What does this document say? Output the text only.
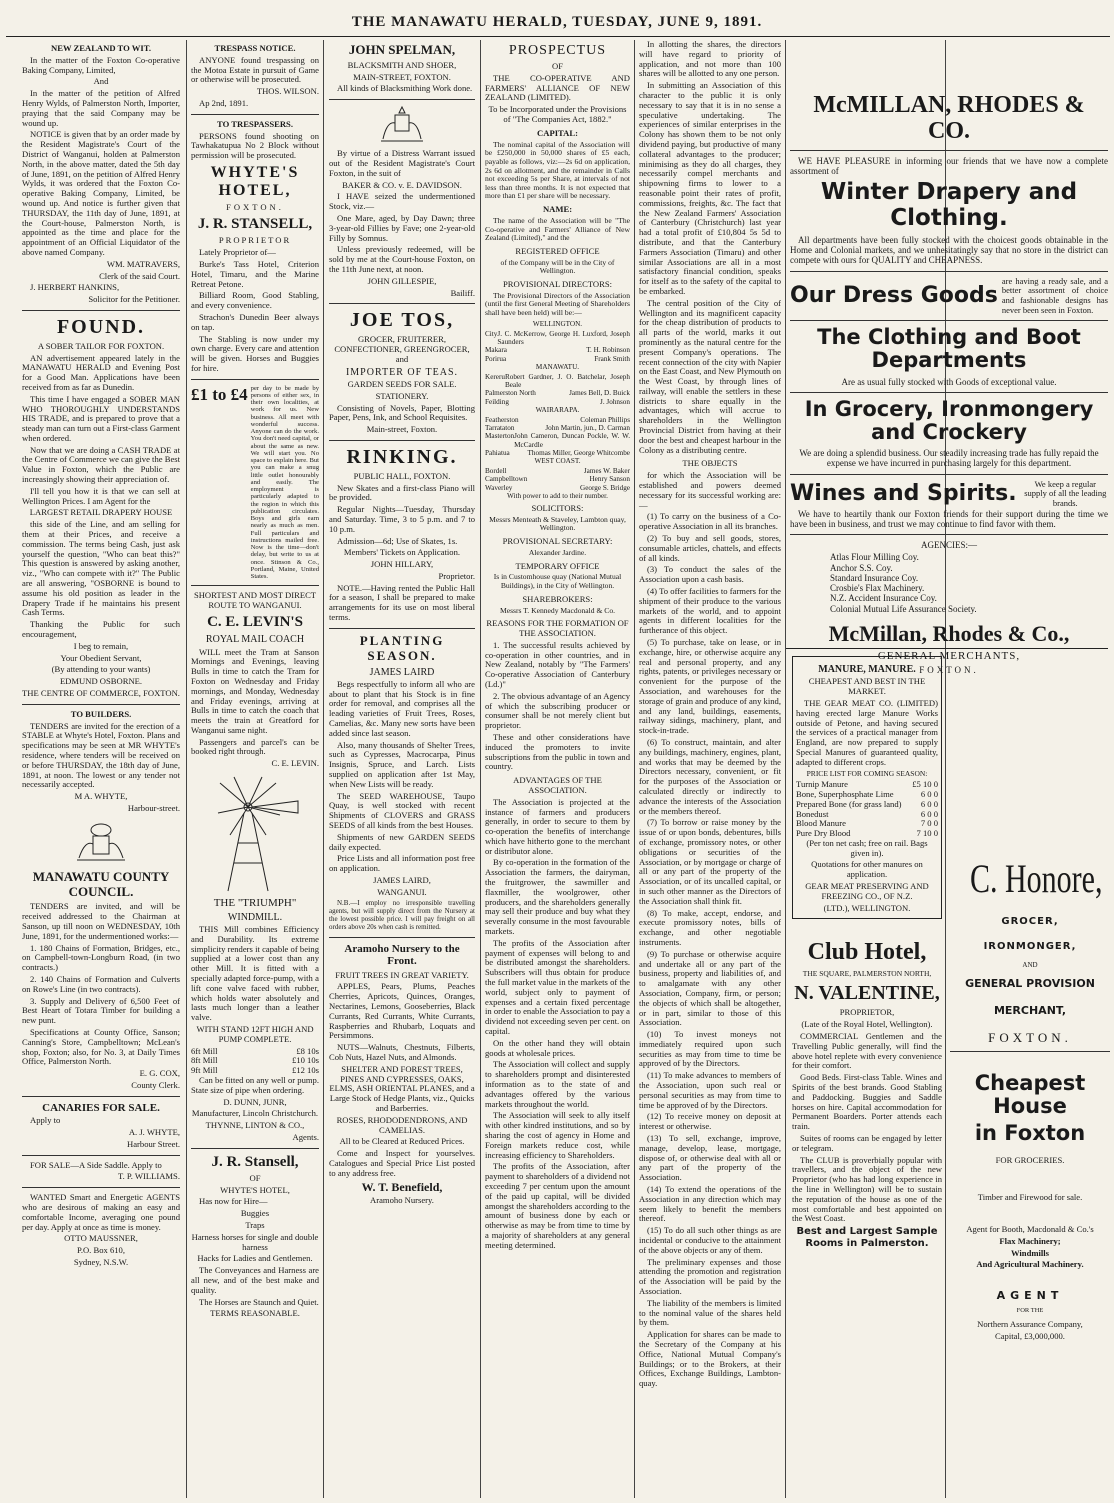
THE MANAWATU HERALD, TUESDAY, JUNE 9, 1891.
NEW ZEALAND TO WIT.

In the matter of the Foxton Co-operative Baking Company, Limited,

And

In the matter of the petition of Alfred Henry Wylds, of Palmerston North, Importer, praying that the said Company may be wound up.

NOTICE is given that by an order made by the Resident Magistrate's Court of the District of Wanganui, holden at Palmerston North, in the above matter, dated the 5th day of June, 1891, on the petition of Alfred Henry Wylds, it was ordered that the Foxton Co-operative Baking Company, Limited, be wound up. And notice is further given that THURSDAY, the 11th day of June, 1891, at the Court-house, Palmerston North, is appointed as the time and place for the appointment of an Official Liquidator of the above named Company.

WM. MATRAVERS,

Clerk of the said Court.

J. HERBERT HANKINS,

Solicitor for the Petitioner.

FOUND.

A SOBER TAILOR FOR FOXTON.

AN advertisement appeared lately in the MANAWATU HERALD and Evening Post for a Good Man. Applications have been received from as far as Dunedin.

This time I have engaged a SOBER MAN WHO THOROUGHLY UNDERSTANDS HIS TRADE, and is prepared to prove that a steady man can turn out a First-class Garment when ordered.

Now that we are doing a CASH TRADE at the Centre of Commerce we can give the Best Value in Foxton, which the Public are increasingly showing their appreciation of.

I'll tell you how it is that we can sell at Wellington Prices. I am Agent for the

LARGEST RETAIL DRAPERY HOUSE

this side of the Line, and am selling for them at their Prices, and receive a commission. The terms being Cash, just ask yourself the question, "Who can beat this?" This question is answered by asking another, viz., "Who can compete with it?" The Public are all answering, "OSBORNE is bound to assume his old position as leader in the Drapery Trade if he maintains his present Cash Terms.

Thanking the Public for such encouragement,

I beg to remain,

Your Obedient Servant,

(By attending to your wants)

EDMUND OSBORNE.

THE CENTRE OF COMMERCE, FOXTON.

TO BUILDERS.

TENDERS are invited for the erection of a STABLE at Whyte's Hotel, Foxton. Plans and specifications may be seen at MR WHYTE's residence, where tenders will be received on or before THURSDAY, the 18th day of June, 1891, at noon. The lowest or any tender not necessarily accepted.

M A. WHYTE,

Harbour-street.

MANAWATU COUNTY COUNCIL.

TENDERS are invited, and will be received addressed to the Chairman at Sanson, up till noon on WEDNESDAY, 10th June, 1891, for the undermentioned works:—

1. 180 Chains of Formation, Bridges, etc., on Campbell-town-Longburn Road, (in two contracts.)

2. 140 Chains of Formation and Culverts on Rowe's Line (in two contracts).

3. Supply and Delivery of 6,500 Feet of Best Heart of Totara Timber for building a new punt.

Specifications at County Office, Sanson; Canning's Store, Campbelltown; McLean's shop, Foxton; also, for No. 3, at Daily Times Office, Palmerston North.

E. G. COX,

County Clerk.

CANARIES FOR SALE.

Apply to

A. J. WHYTE,

Harbour Street.

FOR SALE—A Side Saddle. Apply to

T. P. WILLIAMS.

WANTED Smart and Energetic AGENTS who are desirous of making an easy and comfortable Income, averaging one pound per day. Apply at once as time is money.

OTTO MAUSSNER,

P.O. Box 610,

Sydney, N.S.W.

TRESPASS NOTICE.

ANYONE found trespassing on the Motoa Estate in pursuit of Game or otherwise will be prosecuted.

THOS. WILSON.

Ap 2nd, 1891.

TO TRESPASSERS.

PERSONS found shooting on Tawhakatupua No 2 Block without permission will be prosecuted.

WHYTE'S HOTEL,

FOXTON.

J. R. STANSELL,

PROPRIETOR

Lately Proprietor of—

Burke's Tass Hotel, Criterion Hotel, Timaru, and the Marine Retreat Petone.

Billiard Room, Good Stabling, and every convenience.

Strachon's Dunedin Beer always on tap.

The Stabling is now under my own charge. Every care and attention will be given. Horses and Buggies for hire.

£1 to £4 per day to be made by persons of either sex, in their own localities, at work for us. New business. All meet with wonderful success. Anyone can do the work. You don't need capital, or about the same as new. We will start you. No space to explain here. But you can make a snug little outlet honourably and easily. The employment is particularly adapted to the region in which this publication circulates. Boys and girls earn nearly as much as men. Full particulars and instructions mailed free. Now is the time—don't delay, but write to us at once. Stinson & Co., Portland, Maine, United States.

SHORTEST AND MOST DIRECT ROUTE TO WANGANUI.

C. E. LEVIN'S

ROYAL MAIL COACH

WILL meet the Tram at Sanson Mornings and Evenings, leaving Bulls in time to catch the Tram for Foxton on Wednesday and Friday mornings, and Monday, Wednesday and Friday evenings, arriving at Bulls in time to catch the coach that meets the train at Greatford for Wanganui same night.

Passengers and parcel's can be booked right through.

C. E. LEVIN.

THE "TRIUMPH"

WINDMILL.

THIS Mill combines Efficiency and Durability. Its extreme simplicity renders it capable of being supplied at a lower cost than any other Mill. It is fitted with a specially adapted force-pump, with a lift cone valve faced with rubber, which holds water absolutely and lasts much longer than a leather valve.

WITH STAND 12FT HIGH AND PUMP COMPLETE.

6ft Mill	£8 10s
8ft Mill	£10 10s
9ft Mill	£12 10s

Can be fitted on any well or pump. State size of pipe when ordering.

D. DUNN, JUNR,

Manufacturer, Lincoln Christchurch.

THYNNE, LINTON & CO.,

Agents.

J. R. Stansell,

OF

WHYTE'S HOTEL,

Has now for Hire—

Buggies

Traps

Harness horses for single and double harness

Hacks for Ladies and Gentlemen.

The Conveyances and Harness are all new, and of the best make and quality.

The Horses are Staunch and Quiet.

TERMS REASONABLE.

JOHN SPELMAN,

BLACKSMITH AND SHOER,

MAIN-STREET, FOXTON.

All kinds of Blacksmithing Work done.

By virtue of a Distress Warrant issued out of the Resident Magistrate's Court Foxton, in the suit of

BAKER & CO. v. E. DAVIDSON.

I HAVE seized the undermentioned Stock, viz.—

One Mare, aged, by Day Dawn; three 3-year-old Fillies by Fave; one 2-year-old Filly by Somnus.

Unless previously redeemed, will be sold by me at the Court-house Foxton, on the 11th June next, at noon.

JOHN GILLESPIE,

Bailiff.

JOE TOS,

GROCER, FRUITERER, CONFECTIONER, GREENGROCER, and

IMPORTER OF TEAS.

GARDEN SEEDS FOR SALE.

STATIONERY.

Consisting of Novels, Paper, Blotting Paper, Pens, Ink, and School Requisites.

Main-street, Foxton.

RINKING.

PUBLIC HALL, FOXTON.

New Skates and a first-class Piano will be provided.

Regular Nights—Tuesday, Thursday and Saturday. Time, 3 to 5 p.m. and 7 to 10 p.m.

Admission—6d; Use of Skates, 1s.

Members' Tickets on Application.

JOHN HILLARY,

Proprietor.

NOTE.—Having rented the Public Hall for a season, I shall be prepared to make arrangements for its use on most liberal terms.

PLANTING SEASON.

JAMES LAIRD

Begs respectfully to inform all who are about to plant that his Stock is in fine order for removal, and comprises all the leading varieties of Fruit Trees, Roses, Camelias, &c. Many new sorts have been added since last season.

Also, many thousands of Shelter Trees, such as Cypresses, Macrocarpa, Pinus Insignis, Spruce, and Larch. Lists supplied on application after 1st May, when New Lists will be ready.

The SEED WAREHOUSE, Taupo Quay, is well stocked with recent Shipments of CLOVERS and GRASS SEEDS of all kinds from the best Houses.

Shipments of new GARDEN SEEDS daily expected.

Price Lists and all information post free on application.

JAMES LAIRD,

WANGANUI.

N.B.—I employ no irresponsible travelling agents, but will supply direct from the Nursery at the lowest possible price. I will pay freight on all orders above 20s when cash is remitted.

Aramoho Nursery to the Front.

FRUIT TREES IN GREAT VARIETY.

APPLES, Pears, Plums, Peaches Cherries, Apricots, Quinces, Oranges, Nectarines, Lemons, Gooseberries, Black Currants, Red Currants, White Currants, Raspberries and Rhubarb, Loquats and Persimmons.

NUTS—Walnuts, Chestnuts, Filberts, Cob Nuts, Hazel Nuts, and Almonds.

SHELTER AND FOREST TREES, PINES AND CYPRESSES, OAKS, ELMS, ASH ORIENTAL PLANES, and a Large Stock of Hedge Plants, viz., Quicks and Barberries.

ROSES, RHODODENDRONS, AND CAMELIAS.

All to be Cleared at Reduced Prices.

Come and Inspect for yourselves. Catalogues and Special Price List posted to any address free.

W. T. Benefield,

Aramoho Nursery.

PROSPECTUS

OF

THE CO-OPERATIVE AND FARMERS' ALLIANCE OF NEW ZEALAND (LIMITED).

To be Incorporated under the Provisions of "The Companies Act, 1882."

CAPITAL:

The nominal capital of the Association will be £250,000 in 50,000 shares of £5 each, payable as follows, viz:—2s 6d on application, 2s 6d on allotment, and the remainder in Calls not exceeding 5s per Share, at intervals of not less than three months. It is not expected that more than £1 per share will be necessary.

NAME:

The name of the Association will be "The Co-operative and Farmers' Alliance of New Zealand (Limited)," and the

REGISTERED OFFICE

of the Company will be in the City of Wellington.

PROVISIONAL DIRECTORS:

The Provisional Directors of the Association (until the first General Meeting of Shareholders shall have been held) will be:—

WELLINGTON.

City J. C. McKerrow, George H. Luxford, Joseph Saunders
Makara	T. H. Robinson
Porirua	Frank Smith

MANAWATU.

Kereru Robert Gardner, J. O. Batchelar, Joseph Beale
Palmerston North	James Bell, D. Buick
Feilding	J. Johnson

WAIRARAPA.

Featherston	Coleman Phillips
Tarrataton	John Martin, jun., D. Carman
Masterton John Cameron, Duncan Pockle, W. W. McCardle
Pahiatua Thomas Miller, George Whitcombe

WEST COAST.

Bordell	James W. Baker
Campbelltown	Henry Sanson
Waverley	George S. Bridge

With power to add to their number.

SOLICITORS:

Messrs Menteath & Staveley, Lambton quay, Wellington.

PROVISIONAL SECRETARY:

Alexander Jardine.

TEMPORARY OFFICE

Is in Customhouse quay (National Mutual Buildings), in the City of Wellington.

SHAREBROKERS:

Messrs T. Kennedy Macdonald & Co.

REASONS FOR THE FORMATION OF THE ASSOCIATION.

1. The successful results achieved by co-operation in other countries, and in New Zealand, notably by "The Farmers' Co-operative Association of Canterbury (Ld.)"

2. The obvious advantage of an Agency of which the subscribing producer or consumer shall be not merely client but proprietor.

These and other considerations have induced the promoters to invite subscriptions from the public in town and country.

ADVANTAGES OF THE ASSOCIATION.

The Association is projected at the instance of farmers and producers generally, in order to secure to them by co-operation the benefits of interchange which have hitherto gone to the merchant or distributor alone.

By co-operation in the formation of the Association the farmers, the dairyman, the fruitgrower, the sawmiller and flaxmiller, the woolgrower, other producers, and the shareholders generally may sell their produce and buy what they severally consume in the most favourable markets.

The profits of the Association after payment of expenses will belong to and be distributed amongst the shareholders. Subscribers will thus obtain for produce the full market value in the markets of the world, subject only to payment of expenses and a certain fixed percentage in order to enable the Association to pay a dividend not exceeding seven per cent. on capital.

On the other hand they will obtain goods at wholesale prices.

The Association will collect and supply to shareholders prompt and disinterested information as to the state of and advantages offered by the various markets throughout the world.

The Association will seek to ally itself with other kindred institutions, and so by sharing the cost of agency in Home and Foreign markets reduce cost, while increasing efficiency to Shareholders.

The profits of the Association, after payment to shareholders of a dividend not exceeding 7 per centum upon the amount of the paid up capital, will be divided amongst the shareholders according to the amount of business done by each or otherwise as may be from time to time by a majority of shareholders at any general meeting determined.

In allotting the shares, the directors will have regard to priority of application, and not more than 100 shares will be allotted to any one person.

In submitting an Association of this character to the public it is only necessary to say that it is in no sense a speculative undertaking. The experiences of similar enterprises in the Colony has shown them to be not only dividend paying, but productive of many collateral advantages to the producer; minimising as they do all charges, they necessarily compel merchants and shipowning firms to lower to a reasonable point their rates of profit, commissions, freights, &c. The fact that the New Zealand Farmers' Association of Canterbury (Christchurch) last year had a total profit of £10,804 5s 5d to distribute, and that the Canterbury Farmers Association (Timaru) and other similar Associations are all in a most satisfactory financial condition, speaks for itself as to the safety of the capital to be embarked.

The central position of the City of Wellington and its magnificent capacity for the cheap distribution of products to all parts of the world, marks it out prominently as the natural centre for the present Company's operations. The recent connection of the city with Napier on the East Coast, and New Plymouth on the West Coast, by through lines of railway, will enable the settlers in these districts to share equally in the advantages, which will accrue to shareholders in the Wellington Provincial District from having at their door the best and cheapest harbour in the Colony as a distributing centre.

THE OBJECTS

for which the Association will be established and powers deemed necessary for its successful working are:—

(1) To carry on the business of a Co-operative Association in all its branches.

(2) To buy and sell goods, stores, consumable articles, chattels, and effects of all kinds.

(3) To conduct the sales of the Association upon a cash basis.

(4) To offer facilities to farmers for the shipment of their produce to the various markets of the world, and to appoint agents in different localities for the furtherance of this object.

(5) To purchase, take on lease, or in exchange, hire, or otherwise acquire any real and personal property, and any rights, patents, or privileges necessary or convenient for the purpose of the Association, and warehouses for the storage of grain and produce of any kind, and any land, buildings, easements, railway sidings, machinery, plant, and stock-in-trade.

(6) To construct, maintain, and alter any buildings, machinery, engines, plant, and works that may be deemed by the Directors necessary, convenient, or fit for the purposes of the Association or calculated directly or indirectly to advance the interests of the Association or the members thereof.

(7) To borrow or raise money by the issue of or upon bonds, debentures, bills of exchange, promissory notes, or other obligations or securities of the Association, or by mortgage or charge of all or any part of the property of the Association, or of its uncalled capital, or in such other manner as the Directors of the Association shall think fit.

(8) To make, accept, endorse, and execute promissory notes, bills of exchange, and other negotiable instruments.

(9) To purchase or otherwise acquire and undertake all or any part of the business, property and liabilities of, and to amalgamate with any other Association, Company, firm, or person; the objects of which shall be altogether, or in part, similar to those of this Association.

(10) To invest moneys not immediately required upon such securities as may from time to time be approved of by the Directors.

(11) To make advances to members of the Association, upon such real or personal securities as may from time to time be approved of by the Directors.

(12) To receive money on deposit at interest or otherwise.

(13) To sell, exchange, improve, manage, develop, lease, mortgage, dispose of, or otherwise deal with all or any part of the property of the Association.

(14) To extend the operations of the Association in any direction which may seem likely to benefit the members thereof.

(15) To do all such other things as are incidental or conducive to the attainment of the above objects or any of them.

The preliminary expenses and those attending the promotion and registration of the Association will be paid by the Association.

The liability of the members is limited to the nominal value of the shares held by them.

Application for shares can be made to the Secretary of the Company at his Office, National Mutual Company's Buildings; or to the Brokers, at their Offices, Exchange Buildings, Lambton-quay.

McMILLAN, RHODES & CO.

WE HAVE PLEASURE in informing our friends that we have now a complete assortment of

Winter Drapery and Clothing.

All departments have been fully stocked with the choicest goods obtainable in the Home and Colonial markets, and we unhesitatingly say that no store in the district can compete with ours for QUALITY and CHEAPNESS.

Our Dress Goods
are having a ready sale, and a better assortment of choice and fashionable designs has never been seen in Foxton.
The Clothing and Boot Departments

Are as usual fully stocked with Goods of exceptional value.

In Grocery, Ironmongery and Crockery

We are doing a splendid business. Our steadily increasing trade has fully repaid the expense we have incurred in purchasing largely for this department.

Wines and Spirits.	We keep a regular supply of all the leading brands.

We have to heartily thank our Foxton friends for their support during the time we have been in business, and trust we may continue to find favor with them.

AGENCIES:—

Atlas Flour Milling Coy.
Anchor S.S. Coy.
Standard Insurance Coy.
Crosbie's Flax Machinery.
N.Z. Accident Insurance Coy.
Colonial Mutual Life Assurance Society.
McMillan, Rhodes & Co.,

GENERAL MERCHANTS,

FOXTON.

MANURE, MANURE.

CHEAPEST AND BEST IN THE MARKET.

THE GEAR MEAT CO. (LIMITED) having erected large Manure Works outside of Petone, and having secured the services of a practical manager from England, are now prepared to supply Special Manures of guaranteed quality, adapted to different crops.

PRICE LIST FOR COMING SEASON:

Turnip Manure	£5 10 0
Bone, Superphosphate Lime	6 0 0
Prepared Bone (for grass land) 6 0 0
Bonedust	6 0 0
Blood Manure	7 0 0
Pure Dry Blood	7 10 0

(Per ton net cash; free on rail. Bags given in).

Quotations for other manures on application.

GEAR MEAT PRESERVING AND FREEZING CO., OF N.Z.

(LTD.), WELLINGTON.

Club Hotel,

THE SQUARE, PALMERSTON NORTH,

N. VALENTINE,

PROPRIETOR,

(Late of the Royal Hotel, Wellington).

COMMERCIAL Gentlemen and the Travelling Public generally, will find the above hotel replete with every convenience for their comfort.

Good Beds. First-class Table. Wines and Spirits of the best brands. Good Stabling and Paddocking. Buggies and Saddle horses on hire. Capital accommodation for Permanent Boarders. Porter attends each train.

Suites of rooms can be engaged by letter or telegram.

The CLUB is proverbially popular with travellers, and the object of the new Proprietor (who has had long experience in the line in Wellington) will be to sustain the reputation of the house as one of the most comfortable and best appointed on the West Coast.

Best and Largest Sample Rooms in Palmerston.

C. Honore,

GROCER,

IRONMONGER,

AND

GENERAL PROVISION

MERCHANT,

FOXTON.

Cheapest House
in Foxton

FOR GROCERIES.

Timber and Firewood for sale.

Agent for Booth, Macdonald & Co.'s

Flax Machinery;

Windmills

And Agricultural Machinery.

AGENT

FOR THE

Northern Assurance Company,

Capital, £3,000,000.
